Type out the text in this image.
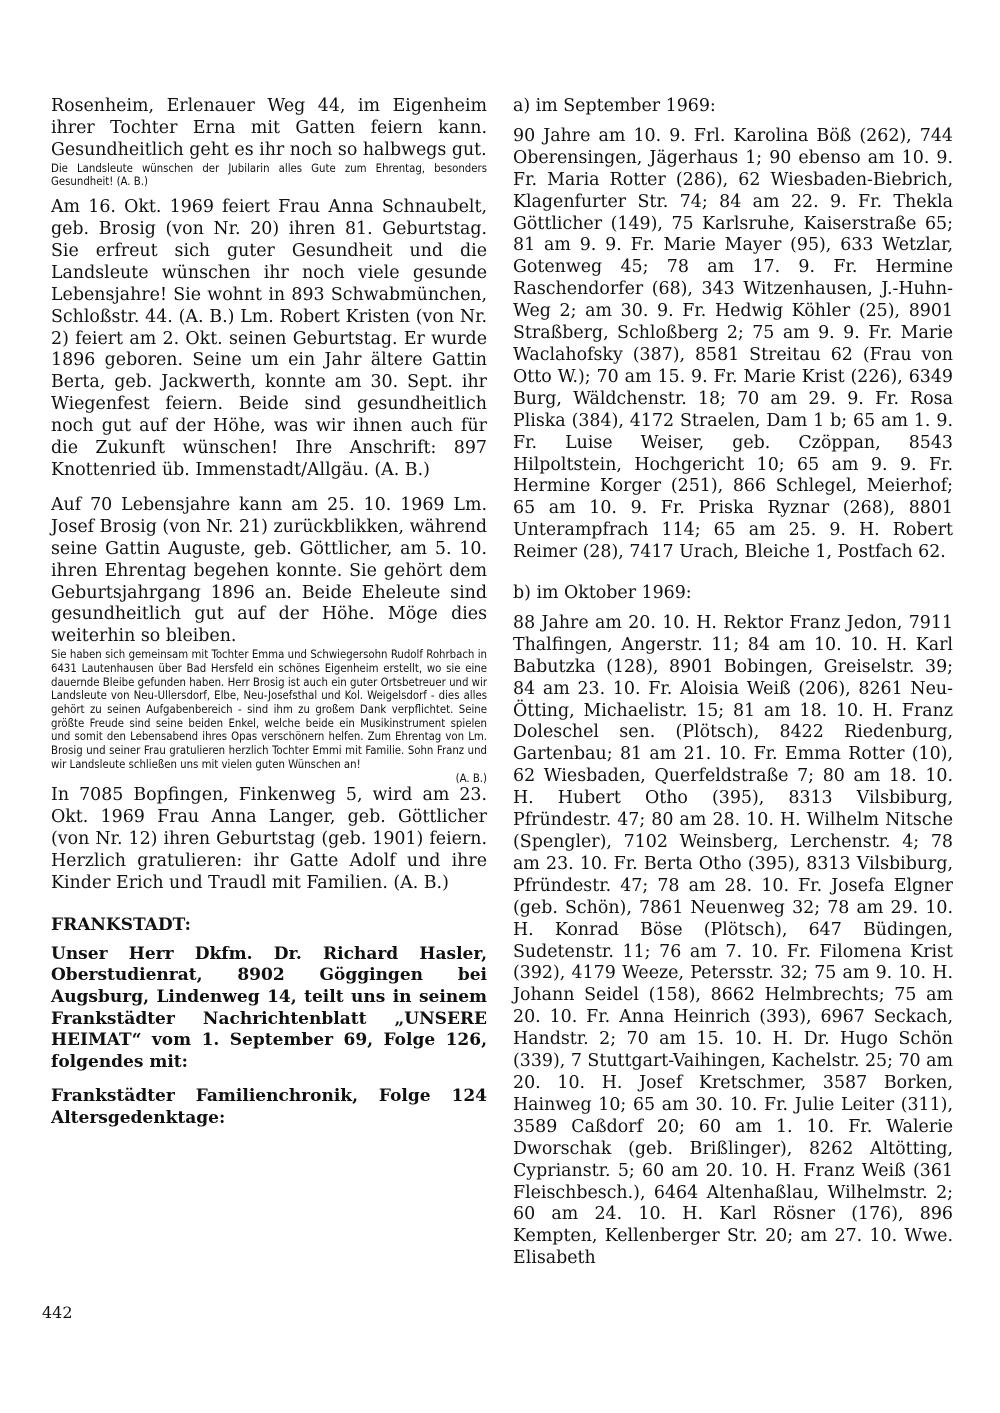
Rosenheim, Erlenauer Weg 44, im Eigenheim ihrer Tochter Erna mit Gatten feiern kann. Gesundheitlich geht es ihr noch so halbwegs gut.

Die Landsleute wünschen der Jubilarin alles Gute zum Ehrentag, besonders Gesundheit! (A. B.)

Am 16. Okt. 1969 feiert Frau Anna Schnaubelt, geb. Brosig (von Nr. 20) ihren 81. Geburtstag. Sie erfreut sich guter Gesundheit und die Landsleute wünschen ihr noch viele gesunde Lebensjahre! Sie wohnt in 893 Schwabmünchen, Schloßstr. 44. (A. B.) Lm. Robert Kristen (von Nr. 2) feiert am 2. Okt. seinen Geburtstag. Er wurde 1896 geboren. Seine um ein Jahr ältere Gattin Berta, geb. Jackwerth, konnte am 30. Sept. ihr Wiegenfest feiern. Beide sind gesundheitlich noch gut auf der Höhe, was wir ihnen auch für die Zukunft wünschen! Ihre Anschrift: 897 Knottenried üb. Immenstadt/Allgäu. (A. B.)

Auf 70 Lebensjahre kann am 25. 10. 1969 Lm. Josef Brosig (von Nr. 21) zurückblikken, während seine Gattin Auguste, geb. Göttlicher, am 5. 10. ihren Ehrentag begehen konnte. Sie gehört dem Geburtsjahrgang 1896 an. Beide Eheleute sind gesundheitlich gut auf der Höhe. Möge dies weiterhin so bleiben.

Sie haben sich gemeinsam mit Tochter Emma und Schwiegersohn Rudolf Rohrbach in 6431 Lautenhausen über Bad Hersfeld ein schönes Eigenheim erstellt, wo sie eine dauernde Bleibe gefunden haben. Herr Brosig ist auch ein guter Ortsbetreuer und wir Landsleute von Neu-Ullersdorf, Elbe, Neu-Josefsthal und Kol. Weigelsdorf - dies alles gehört zu seinen Aufgabenbereich - sind ihm zu großem Dank verpflichtet. Seine größte Freude sind seine beiden Enkel, welche beide ein Musikinstrument spielen und somit den Lebensabend ihres Opas verschönern helfen. Zum Ehrentag von Lm. Brosig und seiner Frau gratulieren herzlich Tochter Emmi mit Familie. Sohn Franz und wir Landsleute schließen uns mit vielen guten Wünschen an!

(A. B.)

In 7085 Bopfingen, Finkenweg 5, wird am 23. Okt. 1969 Frau Anna Langer, geb. Göttlicher (von Nr. 12) ihren Geburtstag (geb. 1901) feiern. Herzlich gratulieren: ihr Gatte Adolf und ihre Kinder Erich und Traudl mit Familien. (A. B.)

FRANKSTADT:

Unser Herr Dkfm. Dr. Richard Hasler, Oberstudienrat, 8902 Göggingen bei Augsburg, Lindenweg 14, teilt uns in seinem Frankstädter Nachrichtenblatt „UNSERE HEIMAT“ vom 1. September 69, Folge 126, folgendes mit:

Frankstädter Familienchronik, Folge 124 Altersgedenktage:

a) im September 1969:

90 Jahre am 10. 9. Frl. Karolina Böß (262), 744 Oberensingen, Jägerhaus 1; 90 ebenso am 10. 9. Fr. Maria Rotter (286), 62 Wiesbaden-Biebrich, Klagenfurter Str. 74; 84 am 22. 9. Fr. Thekla Göttlicher (149), 75 Karlsruhe, Kaiserstraße 65; 81 am 9. 9. Fr. Marie Mayer (95), 633 Wetzlar, Gotenweg 45; 78 am 17. 9. Fr. Hermine Raschendorfer (68), 343 Witzenhausen, J.-Huhn-Weg 2; am 30. 9. Fr. Hedwig Köhler (25), 8901 Straßberg, Schloßberg 2; 75 am 9. 9. Fr. Marie Waclahofsky (387), 8581 Streitau 62 (Frau von Otto W.); 70 am 15. 9. Fr. Marie Krist (226), 6349 Burg, Wäldchenstr. 18; 70 am 29. 9. Fr. Rosa Pliska (384), 4172 Straelen, Dam 1 b; 65 am 1. 9. Fr. Luise Weiser, geb. Czöppan, 8543 Hilpoltstein, Hochgericht 10; 65 am 9. 9. Fr. Hermine Korger (251), 866 Schlegel, Meierhof; 65 am 10. 9. Fr. Priska Ryznar (268), 8801 Unterampfrach 114; 65 am 25. 9. H. Robert Reimer (28), 7417 Urach, Bleiche 1, Postfach 62.

b) im Oktober 1969:

88 Jahre am 20. 10. H. Rektor Franz Jedon, 7911 Thalfingen, Angerstr. 11; 84 am 10. 10. H. Karl Babutzka (128), 8901 Bobingen, Greiselstr. 39; 84 am 23. 10. Fr. Aloisia Weiß (206), 8261 Neu-Ötting, Michaelistr. 15; 81 am 18. 10. H. Franz Doleschel sen. (Plötsch), 8422 Riedenburg, Gartenbau; 81 am 21. 10. Fr. Emma Rotter (10), 62 Wiesbaden, Querfeldstraße 7; 80 am 18. 10. H. Hubert Otho (395), 8313 Vilsbiburg, Pfründestr. 47; 80 am 28. 10. H. Wilhelm Nitsche (Spengler), 7102 Weinsberg, Lerchenstr. 4; 78 am 23. 10. Fr. Berta Otho (395), 8313 Vilsbiburg, Pfründestr. 47; 78 am 28. 10. Fr. Josefa Elgner (geb. Schön), 7861 Neuenweg 32; 78 am 29. 10. H. Konrad Böse (Plötsch), 647 Büdingen, Sudetenstr. 11; 76 am 7. 10. Fr. Filomena Krist (392), 4179 Weeze, Petersstr. 32; 75 am 9. 10. H. Johann Seidel (158), 8662 Helmbrechts; 75 am 20. 10. Fr. Anna Heinrich (393), 6967 Seckach, Handstr. 2; 70 am 15. 10. H. Dr. Hugo Schön (339), 7 Stuttgart-Vaihingen, Kachelstr. 25; 70 am 20. 10. H. Josef Kretschmer, 3587 Borken, Hainweg 10; 65 am 30. 10. Fr. Julie Leiter (311), 3589 Caßdorf 20; 60 am 1. 10. Fr. Walerie Dworschak (geb. Brißlinger), 8262 Altötting, Cyprianstr. 5; 60 am 20. 10. H. Franz Weiß (361 Fleischbesch.), 6464 Altenhaßlau, Wilhelmstr. 2; 60 am 24. 10. H. Karl Rösner (176), 896 Kempten, Kellenberger Str. 20; am 27. 10. Wwe. Elisabeth

442
